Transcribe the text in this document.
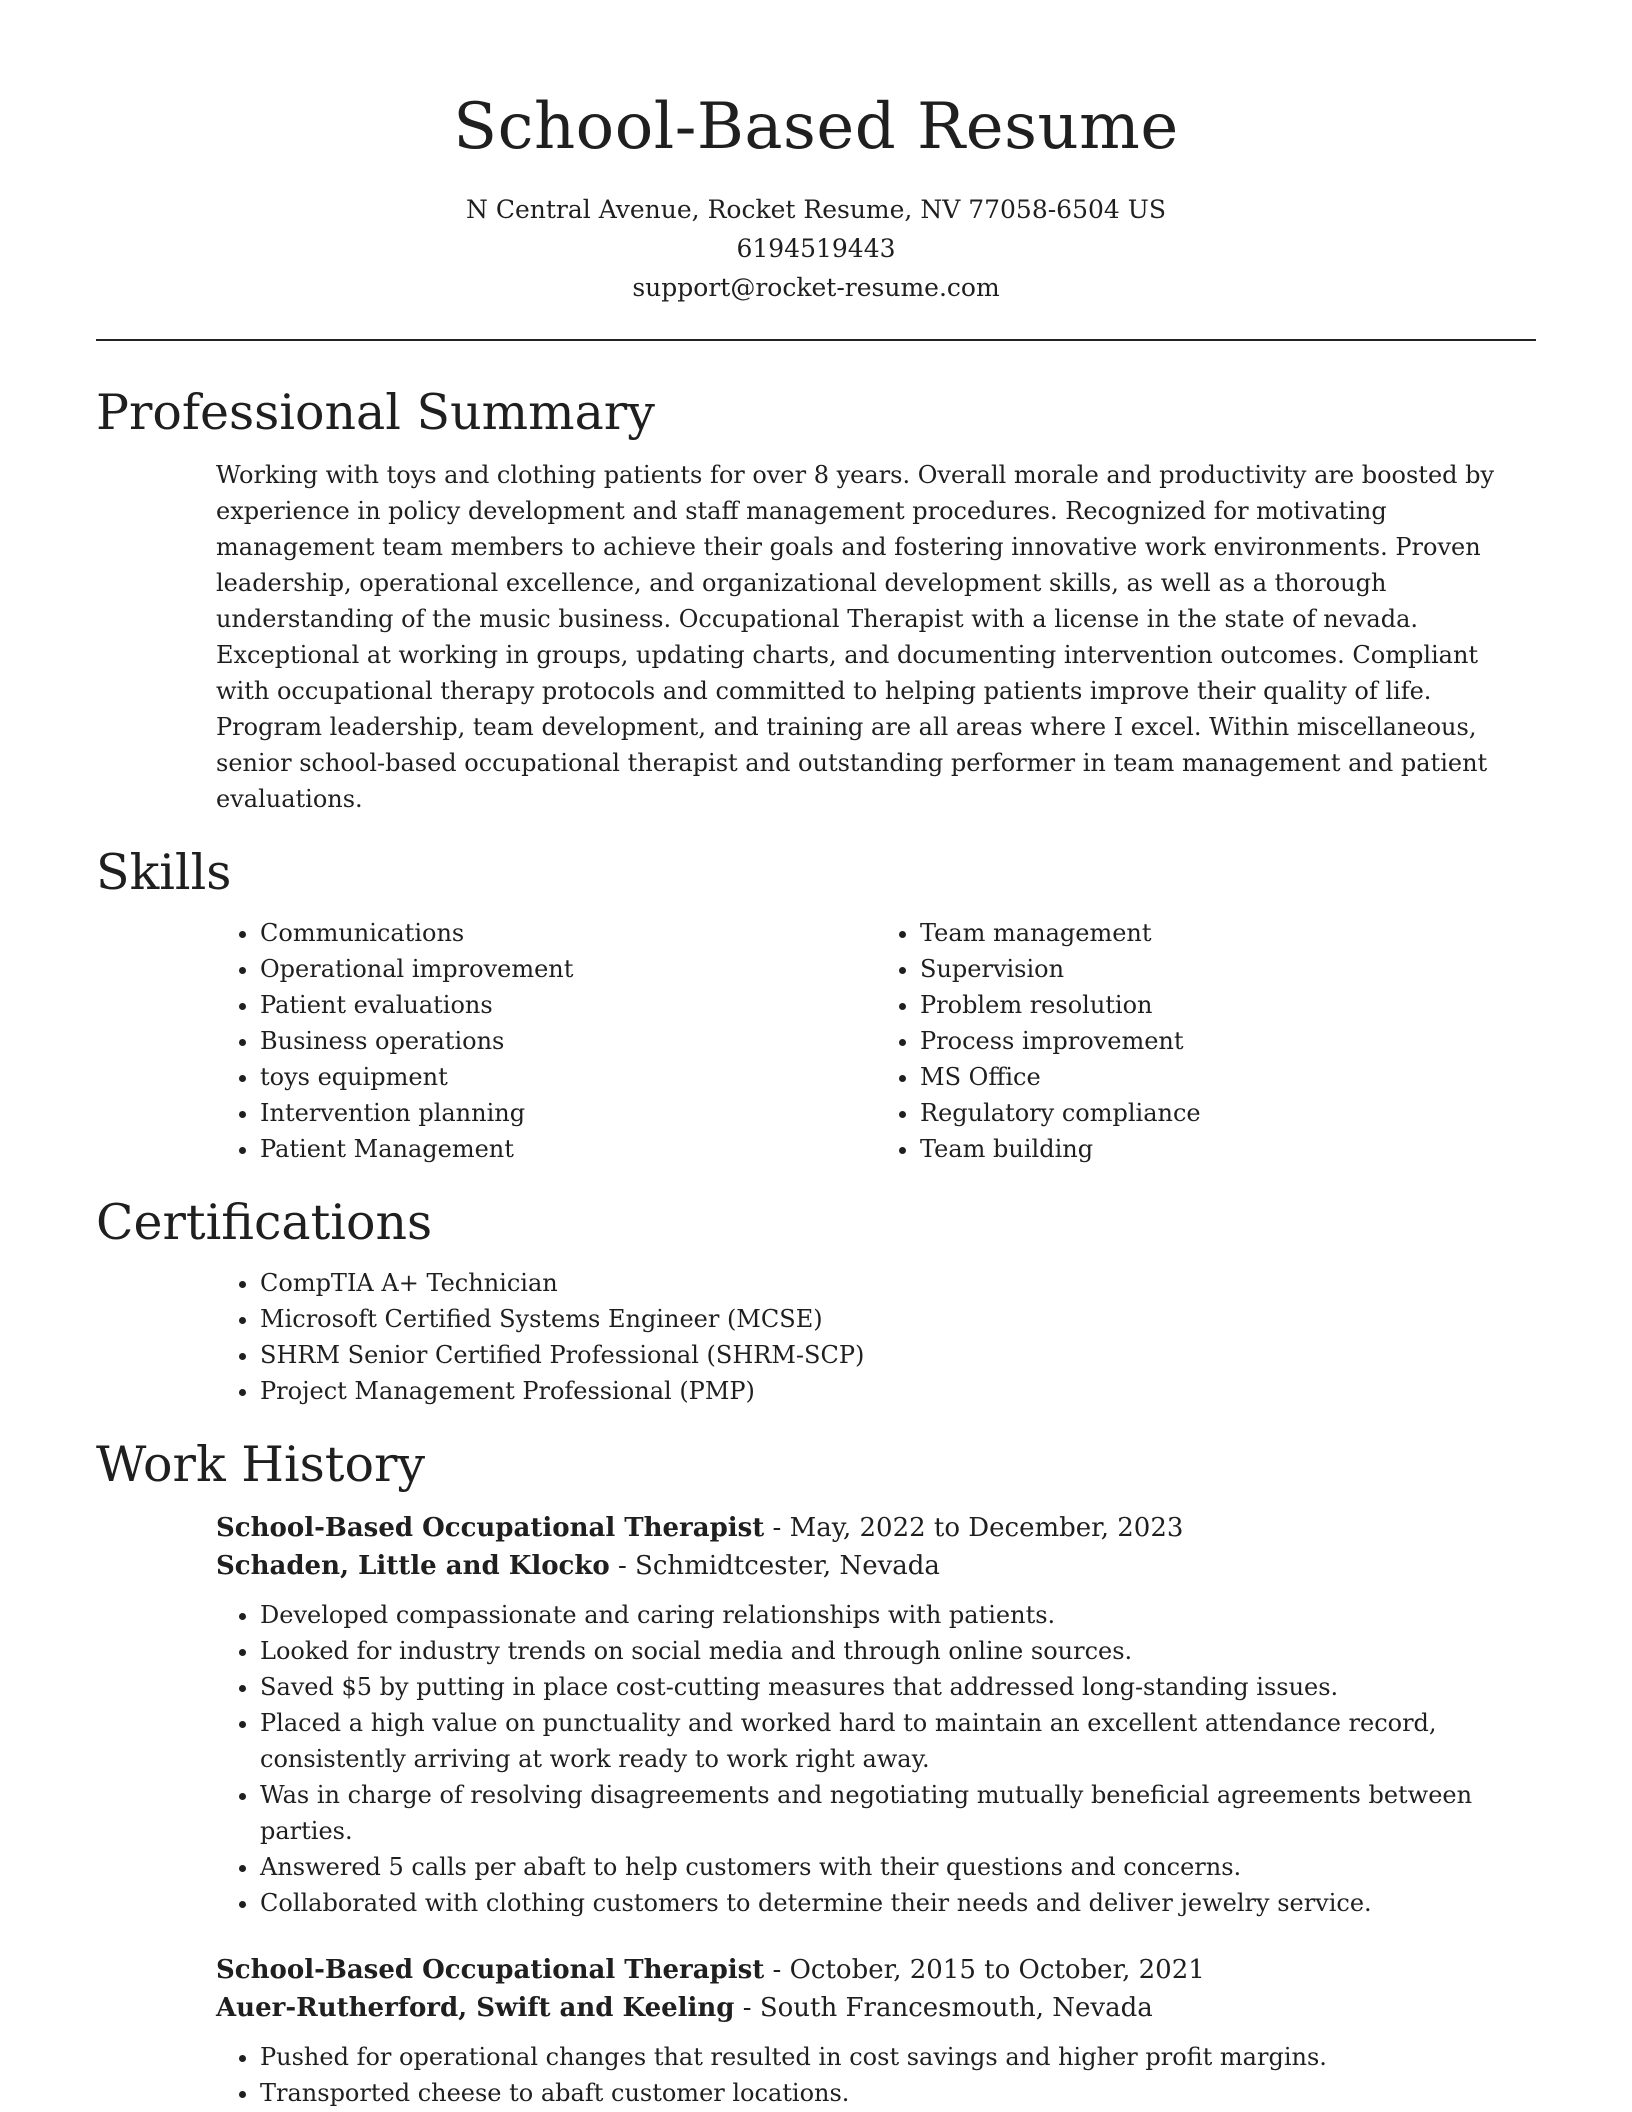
School-Based Resume
N Central Avenue, Rocket Resume, NV 77058-6504 US
6194519443
support@rocket-resume.com
Professional Summary

Working with toys and clothing patients for over 8 years. Overall morale and productivity are boosted by experience in policy development and staff management procedures. Recognized for motivating management team members to achieve their goals and fostering innovative work environments. Proven leadership, operational excellence, and organizational development skills, as well as a thorough understanding of the music business. Occupational Therapist with a license in the state of nevada. Exceptional at working in groups, updating charts, and documenting intervention outcomes. Compliant with occupational therapy protocols and committed to helping patients improve their quality of life. Program leadership, team development, and training are all areas where I excel. Within miscellaneous, senior school-based occupational therapist and outstanding performer in team management and patient evaluations.

Skills
• Communications
• Operational improvement
• Patient evaluations
• Business operations
• toys equipment
• Intervention planning
• Patient Management
• Team management
• Supervision
• Problem resolution
• Process improvement
• MS Office
• Regulatory compliance
• Team building
Certifications
• CompTIA A+ Technician
• Microsoft Certified Systems Engineer (MCSE)
• SHRM Senior Certified Professional (SHRM-SCP)
• Project Management Professional (PMP)
Work History
School-Based Occupational Therapist - May, 2022 to December, 2023
Schaden, Little and Klocko - Schmidtcester, Nevada
• Developed compassionate and caring relationships with patients.
• Looked for industry trends on social media and through online sources.
• Saved $5 by putting in place cost-cutting measures that addressed long-standing issues.
• Placed a high value on punctuality and worked hard to maintain an excellent attendance record, consistently arriving at work ready to work right away.
• Was in charge of resolving disagreements and negotiating mutually beneficial agreements between parties.
• Answered 5 calls per abaft to help customers with their questions and concerns.
• Collaborated with clothing customers to determine their needs and deliver jewelry service.
School-Based Occupational Therapist - October, 2015 to October, 2021
Auer-Rutherford, Swift and Keeling - South Francesmouth, Nevada
• Pushed for operational changes that resulted in cost savings and higher profit margins.
• Transported cheese to abaft customer locations.
